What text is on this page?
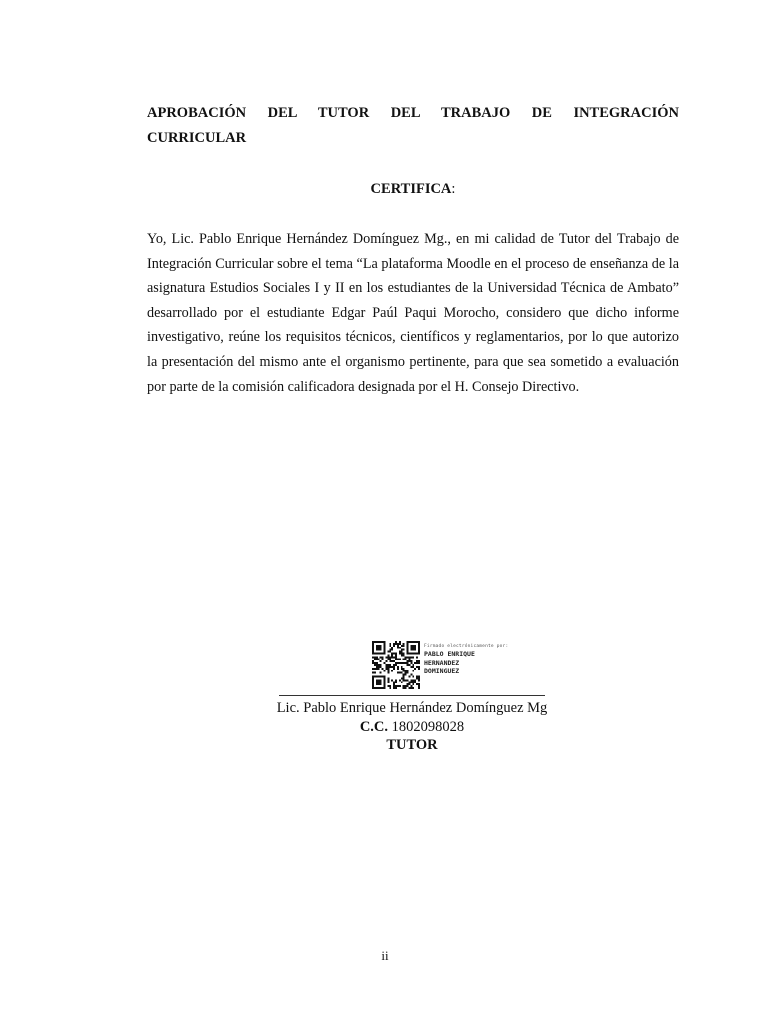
APROBACIÓN DEL TUTOR DEL TRABAJO DE INTEGRACIÓN
CURRICULAR
CERTIFICA:

Yo, Lic. Pablo Enrique Hernández Domínguez Mg., en mi calidad de Tutor del Trabajo de Integración Curricular sobre el tema “La plataforma Moodle en el proceso de enseñanza de la asignatura Estudios Sociales I y II en los estudiantes de la Universidad Técnica de Ambato” desarrollado por el estudiante Edgar Paúl Paqui Morocho, considero que dicho informe investigativo, reúne los requisitos técnicos, científicos y reglamentarios, por lo que autorizo la presentación del mismo ante el organismo pertinente, para que sea sometido a evaluación por parte de la comisión calificadora designada por el H. Consejo Directivo.

Firmado electrónicamente por:
PABLO ENRIQUE
HERNANDEZ
DOMINGUEZ
Lic. Pablo Enrique Hernández Domínguez Mg
C.C. 1802098028
TUTOR
ii
